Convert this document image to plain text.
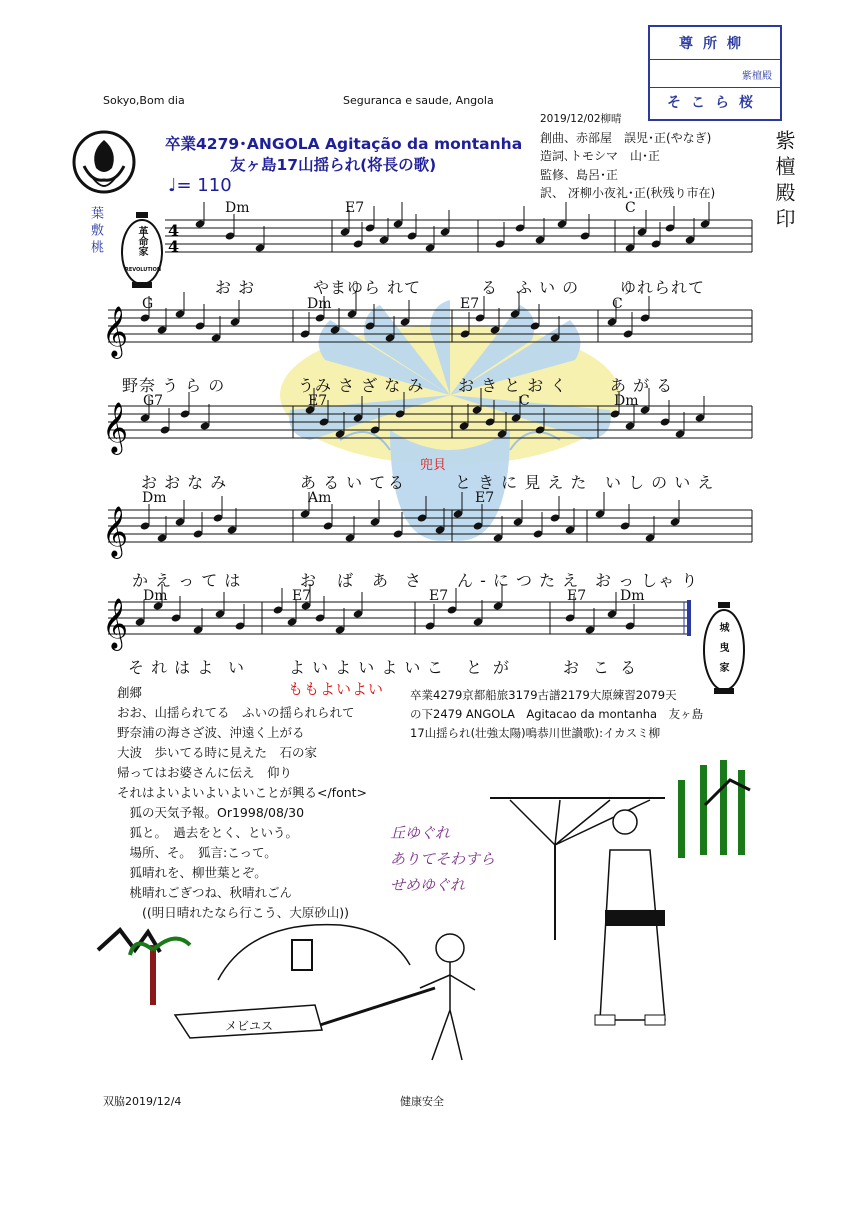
Sokyo,Bom dia	Seguranca e saude, Angola
尊所柳
紫檀殿
そこら桜
葉敷桃	革命家
REVOLUTION
卒業4279･ANGOLA Agitação da montanha
友ヶ島17山揺られ(将長の歌)
♩= 110
2019/12/02柳晴
創曲、赤部屋　誤児･正(やなぎ)
造詞､トモシマ　山･正
監修、島呂･正
訳、 冴柳小夜礼･正(秋残り市在)	紫檀殿印
4
4
𝄞
𝄞
𝄞
𝄞
Dm	E7	C
G	Dm	E7	C
G7	E7	C	Dm
Dm	Am	E7
Dm	E7	E7	E7 Dm
お お	やまゆら れて	る ふ い の	ゆれられて
野奈 う ら の	うみ さ ざ な み お き と お く	あ が る
兜貝
お お な み	あ る い て る	と き に 見 え た い し の い え
か え っ て は	お ば あ さ ん - に つ た え お っ しゃ り
そ れ は よ い	よ い よ い よ い こ と が	お こ る	城曳家
ももよいよい
創郷
おお、山揺られてる　ふいの揺られられて
野奈浦の海さざ波、沖遠く上がる
大波　歩いてる時に見えた　石の家
帰ってはお婆さんに伝え　仰り
それはよいよいよいよいことが興る</font>
　狐の天気予報。Or1998/08/30
　狐と。　過去をとく、という。
　場所、そ。　狐言:こって。
　狐晴れを、柳世葉とぞ。
　桃晴れごぎつね、秋晴れごん
　　((明日晴れたなら行こう、大原砂山))
卒業4279京都船旅3179古譜2179大原練習2079天
の下2479 ANGOLA　Agitacao da montanha　友ヶ島
17山揺られ(壮強太陽)鳴恭川世讃歌):イカスミ柳
丘ゆぐれ
ありてそわすら
せめゆぐれ
メビユス
双脇2019/12/4	健康安全
